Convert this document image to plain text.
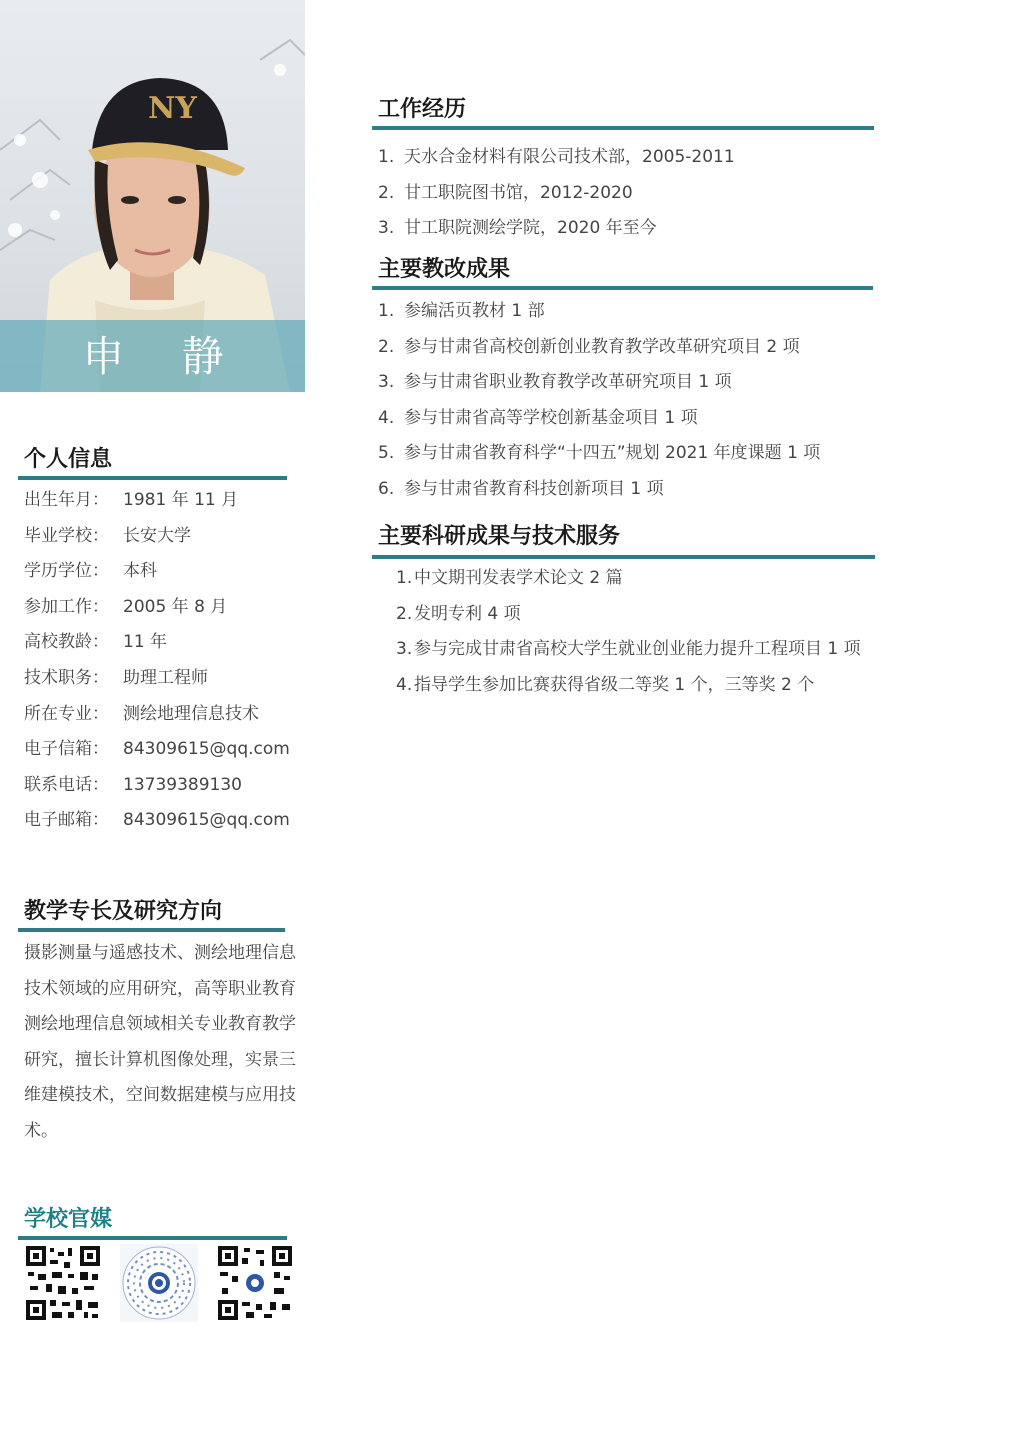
NY
申 静
个人信息
出生年月： 1981 年 11 月
毕业学校： 长安大学
学历学位： 本科
参加工作： 2005 年 8 月
高校教龄： 11 年
技术职务： 助理工程师
所在专业： 测绘地理信息技术
电子信箱： 84309615@qq.com
联系电话： 13739389130
电子邮箱： 84309615@qq.com
教学专长及研究方向
摄影测量与遥感技术、测绘地理信息技术领域的应用研究，高等职业教育测绘地理信息领域相关专业教育教学研究，擅长计算机图像处理，实景三维建模技术，空间数据建模与应用技术。
学校官媒
工作经历
1. 天水合金材料有限公司技术部，2005-2011
2. 甘工职院图书馆，2012-2020
3. 甘工职院测绘学院，2020 年至今
主要教改成果
1. 参编活页教材 1 部
2. 参与甘肃省高校创新创业教育教学改革研究项目 2 项
3. 参与甘肃省职业教育教学改革研究项目 1 项
4. 参与甘肃省高等学校创新基金项目 1 项
5. 参与甘肃省教育科学“十四五”规划 2021 年度课题 1 项
6. 参与甘肃省教育科技创新项目 1 项
主要科研成果与技术服务
1. 中文期刊发表学术论文 2 篇
2. 发明专利 4 项
3. 参与完成甘肃省高校大学生就业创业能力提升工程项目 1 项
4. 指导学生参加比赛获得省级二等奖 1 个，三等奖 2 个
